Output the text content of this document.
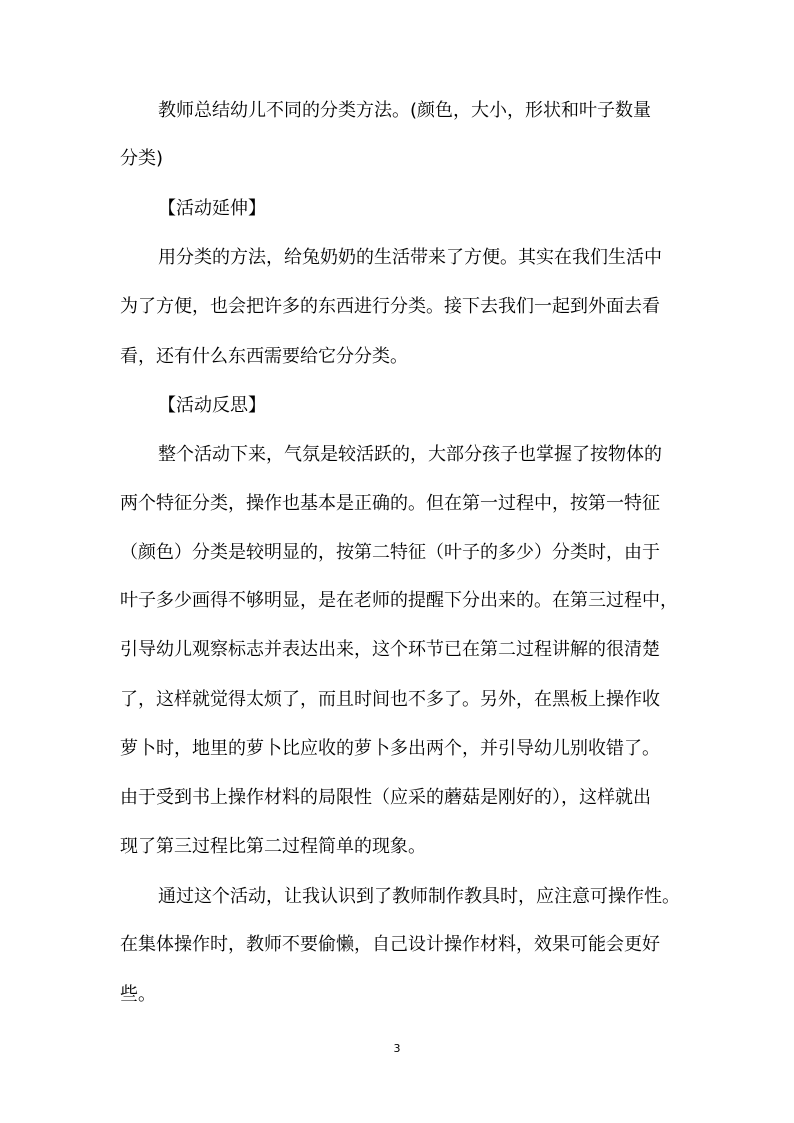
教师总结幼儿不同的分类方法。(颜色，大小，形状和叶子数量
分类)
【活动延伸】
用分类的方法，给兔奶奶的生活带来了方便。其实在我们生活中
为了方便，也会把许多的东西进行分类。接下去我们一起到外面去看
看，还有什么东西需要给它分分类。
【活动反思】
整个活动下来，气氛是较活跃的，大部分孩子也掌握了按物体的
两个特征分类，操作也基本是正确的。但在第一过程中，按第一特征
（颜色）分类是较明显的，按第二特征（叶子的多少）分类时，由于
叶子多少画得不够明显，是在老师的提醒下分出来的。在第三过程中，
引导幼儿观察标志并表达出来，这个环节已在第二过程讲解的很清楚
了，这样就觉得太烦了，而且时间也不多了。另外，在黑板上操作收
萝卜时，地里的萝卜比应收的萝卜多出两个，并引导幼儿别收错了。
由于受到书上操作材料的局限性（应采的蘑菇是刚好的），这样就出
现了第三过程比第二过程简单的现象。
通过这个活动，让我认识到了教师制作教具时，应注意可操作性。
在集体操作时，教师不要偷懒，自己设计操作材料，效果可能会更好
些。
3
